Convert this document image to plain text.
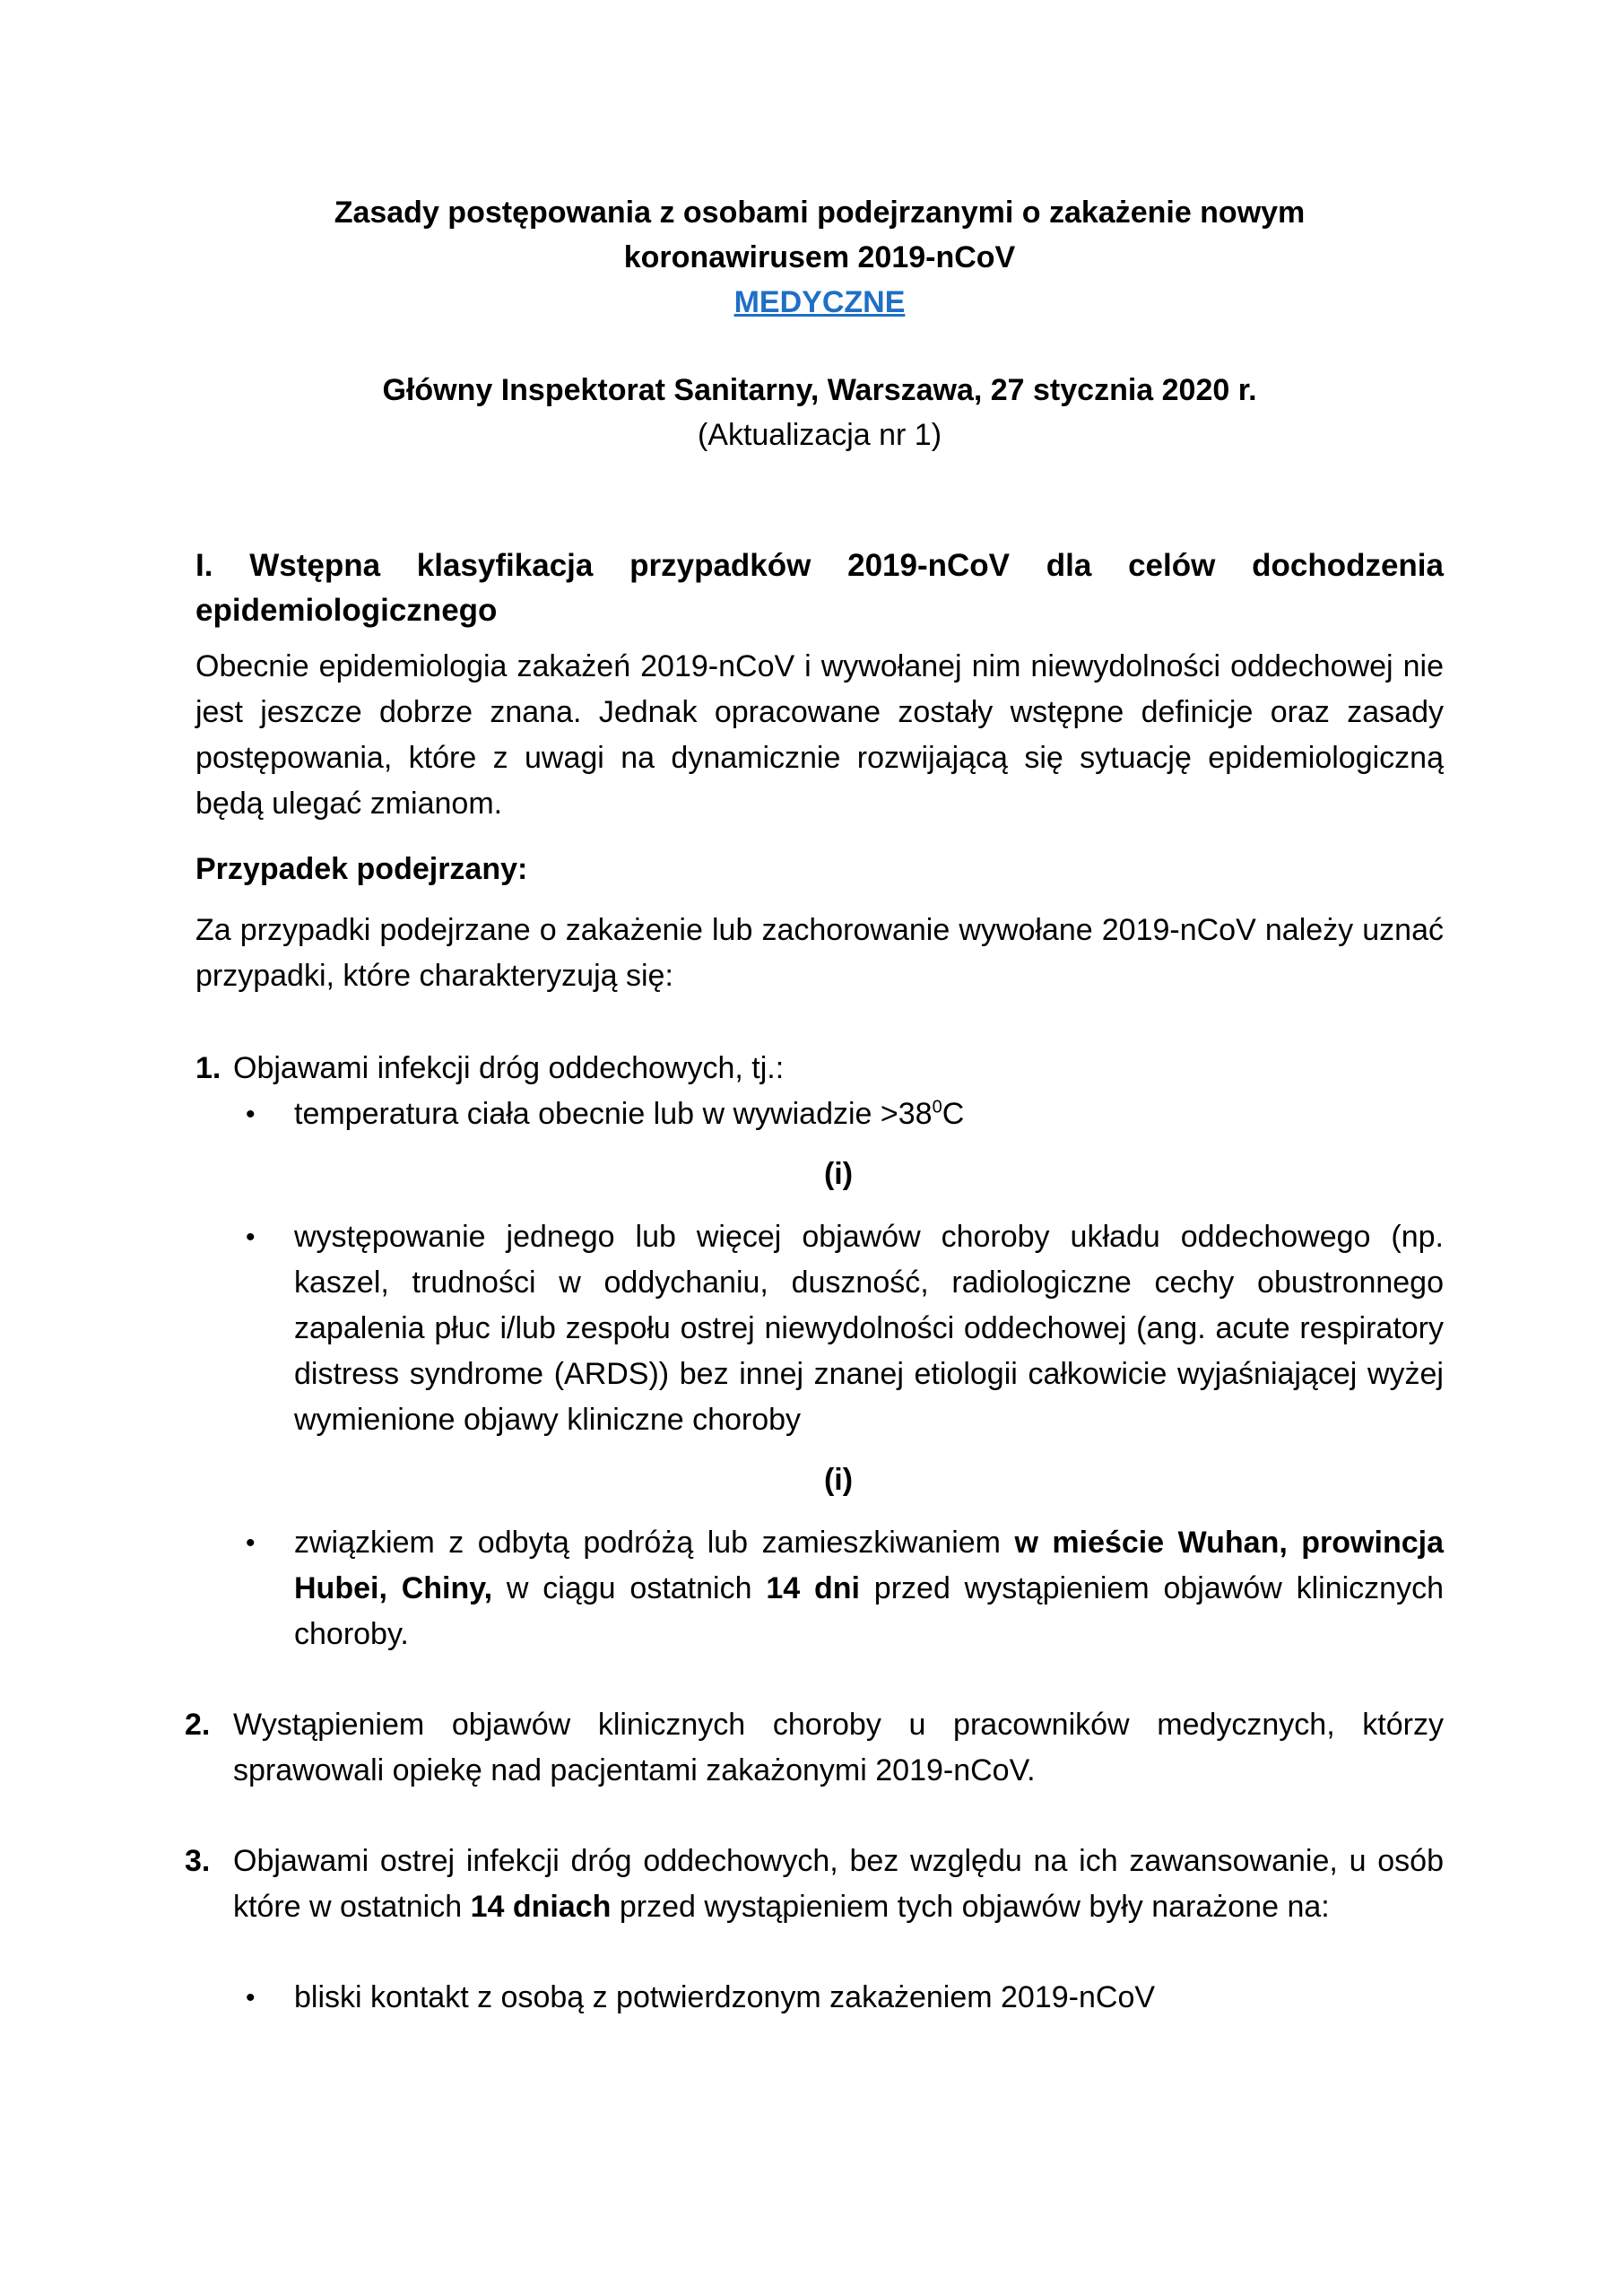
Zasady postępowania z osobami podejrzanymi o zakażenie nowym
koronawirusem 2019-nCoV
MEDYCZNE
Główny Inspektorat Sanitarny, Warszawa, 27 stycznia 2020 r.
(Aktualizacja nr 1)
I. Wstępna klasyfikacja przypadków 2019-nCoV dla celów dochodzenia epidemiologicznego
Obecnie epidemiologia zakażeń 2019-nCoV i wywołanej nim niewydolności oddechowej nie jest jeszcze dobrze znana. Jednak opracowane zostały wstępne definicje oraz zasady postępowania, które z uwagi na dynamicznie rozwijającą się sytuację epidemiologiczną będą ulegać zmianom.
Przypadek podejrzany:
Za przypadki podejrzane o zakażenie lub zachorowanie wywołane 2019-nCoV należy uznać przypadki, które charakteryzują się:
1. Objawami infekcji dróg oddechowych, tj.:
• temperatura ciała obecnie lub w wywiadzie $>38^0C$
(i)
• występowanie jednego lub więcej objawów choroby układu oddechowego (np. kaszel, trudności w oddychaniu, duszność, radiologiczne cechy obustronnego zapalenia płuc i/lub zespołu ostrej niewydolności oddechowej (ang. acute respiratory distress syndrome (ARDS)) bez innej znanej etiologii całkowicie wyjaśniającej wyżej wymienione objawy kliniczne choroby
(i)
• związkiem z odbytą podróżą lub zamieszkiwaniem w mieście Wuhan, prowincja Hubei, Chiny, w ciągu ostatnich 14 dni przed wystąpieniem objawów klinicznych choroby.
2. Wystąpieniem objawów klinicznych choroby u pracowników medycznych, którzy sprawowali opiekę nad pacjentami zakażonymi 2019-nCoV.
3. Objawami ostrej infekcji dróg oddechowych, bez względu na ich zawansowanie, u osób które w ostatnich 14 dniach przed wystąpieniem tych objawów były narażone na:
• bliski kontakt z osobą z potwierdzonym zakażeniem 2019-nCoV
